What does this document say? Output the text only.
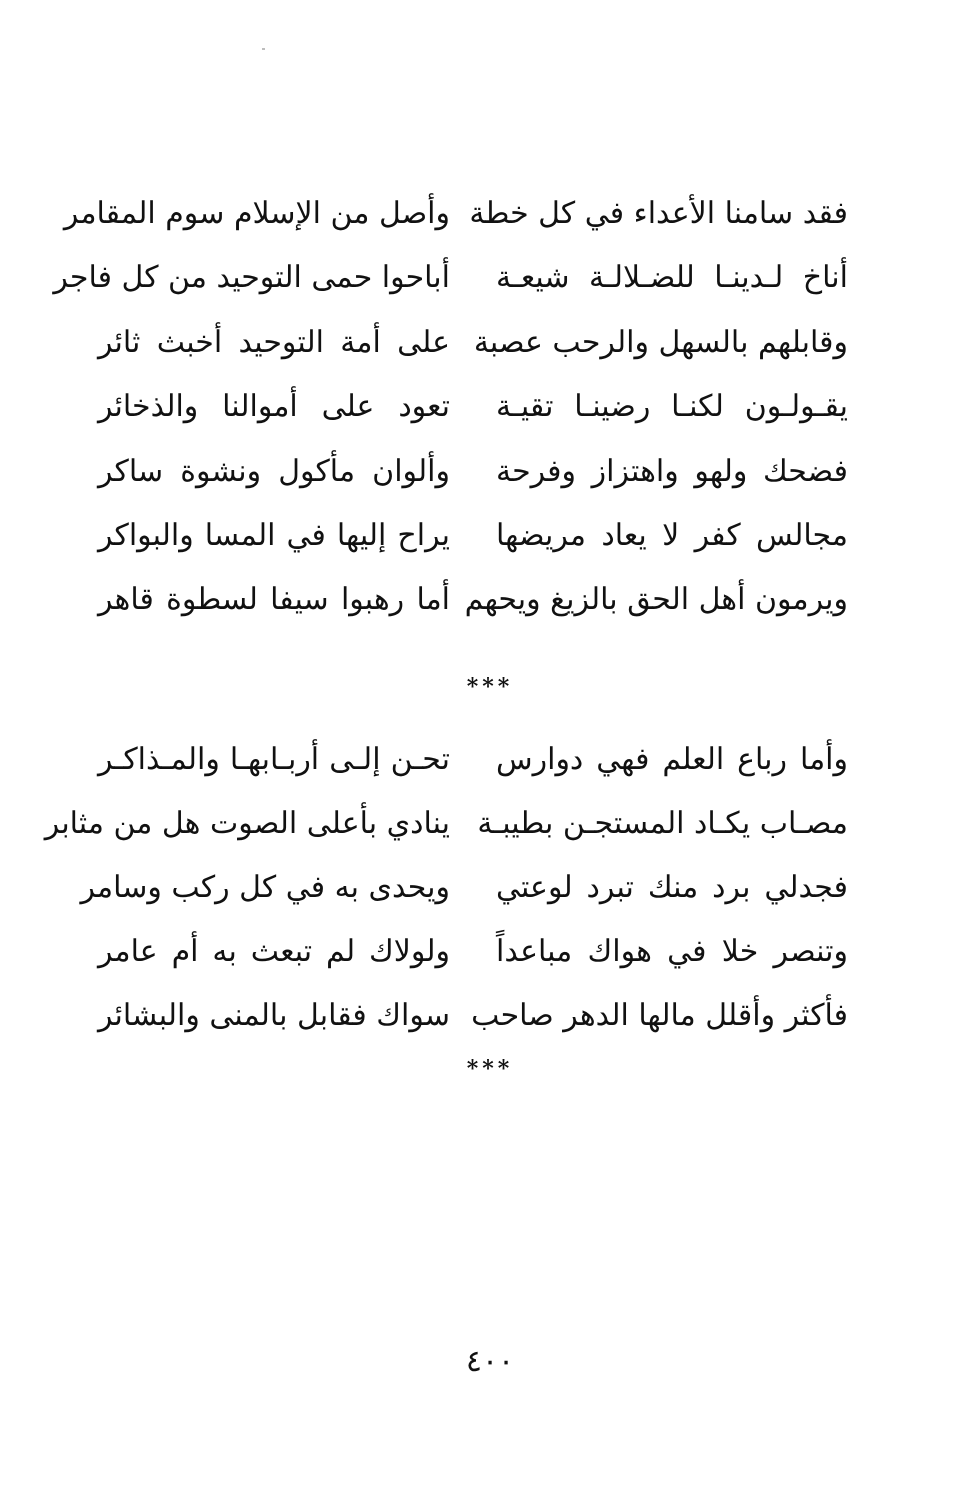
فقد سامنا الأعداء في كل خطة
وأصل من الإسلام سوم المقامر
أناخ لـدينـا للضـلالـة شيعـة
أباحوا حمى التوحيد من كل فاجر
وقابلهم بالسهل والرحب عصبة
على أمة التوحيد أخبث ثائر
يقـولـون لكنـا رضينـا تقيـة
تعود على أموالنا والذخائر
فضحك ولهو واهتزاز وفرحة
وألوان مأكول ونشوة ساكر
مجالس كفر لا يعاد مريضها
يراح إليها في المسا والبواكر
ويرمون أهل الحق بالزيغ ويحهم
أما رهبوا سيفا لسطوة قاهر
***
وأما رباع العلم فهي دوارس
تحـن إلـى أربـابهـا والمـذاكـر
مصـاب يكـاد المستجـن بطيبـة
ينادي بأعلى الصوت هل من مثابر
فجدلي برد منك تبرد لوعتي
ويحدى به في كل ركب وسامر
وتنصر خلا في هواك مباعداً
ولولاك لم تبعث به أم عامر
فأكثر وأقلل مالها الدهر صاحب
سواك فقابل بالمنى والبشائر
***
٤٠٠
